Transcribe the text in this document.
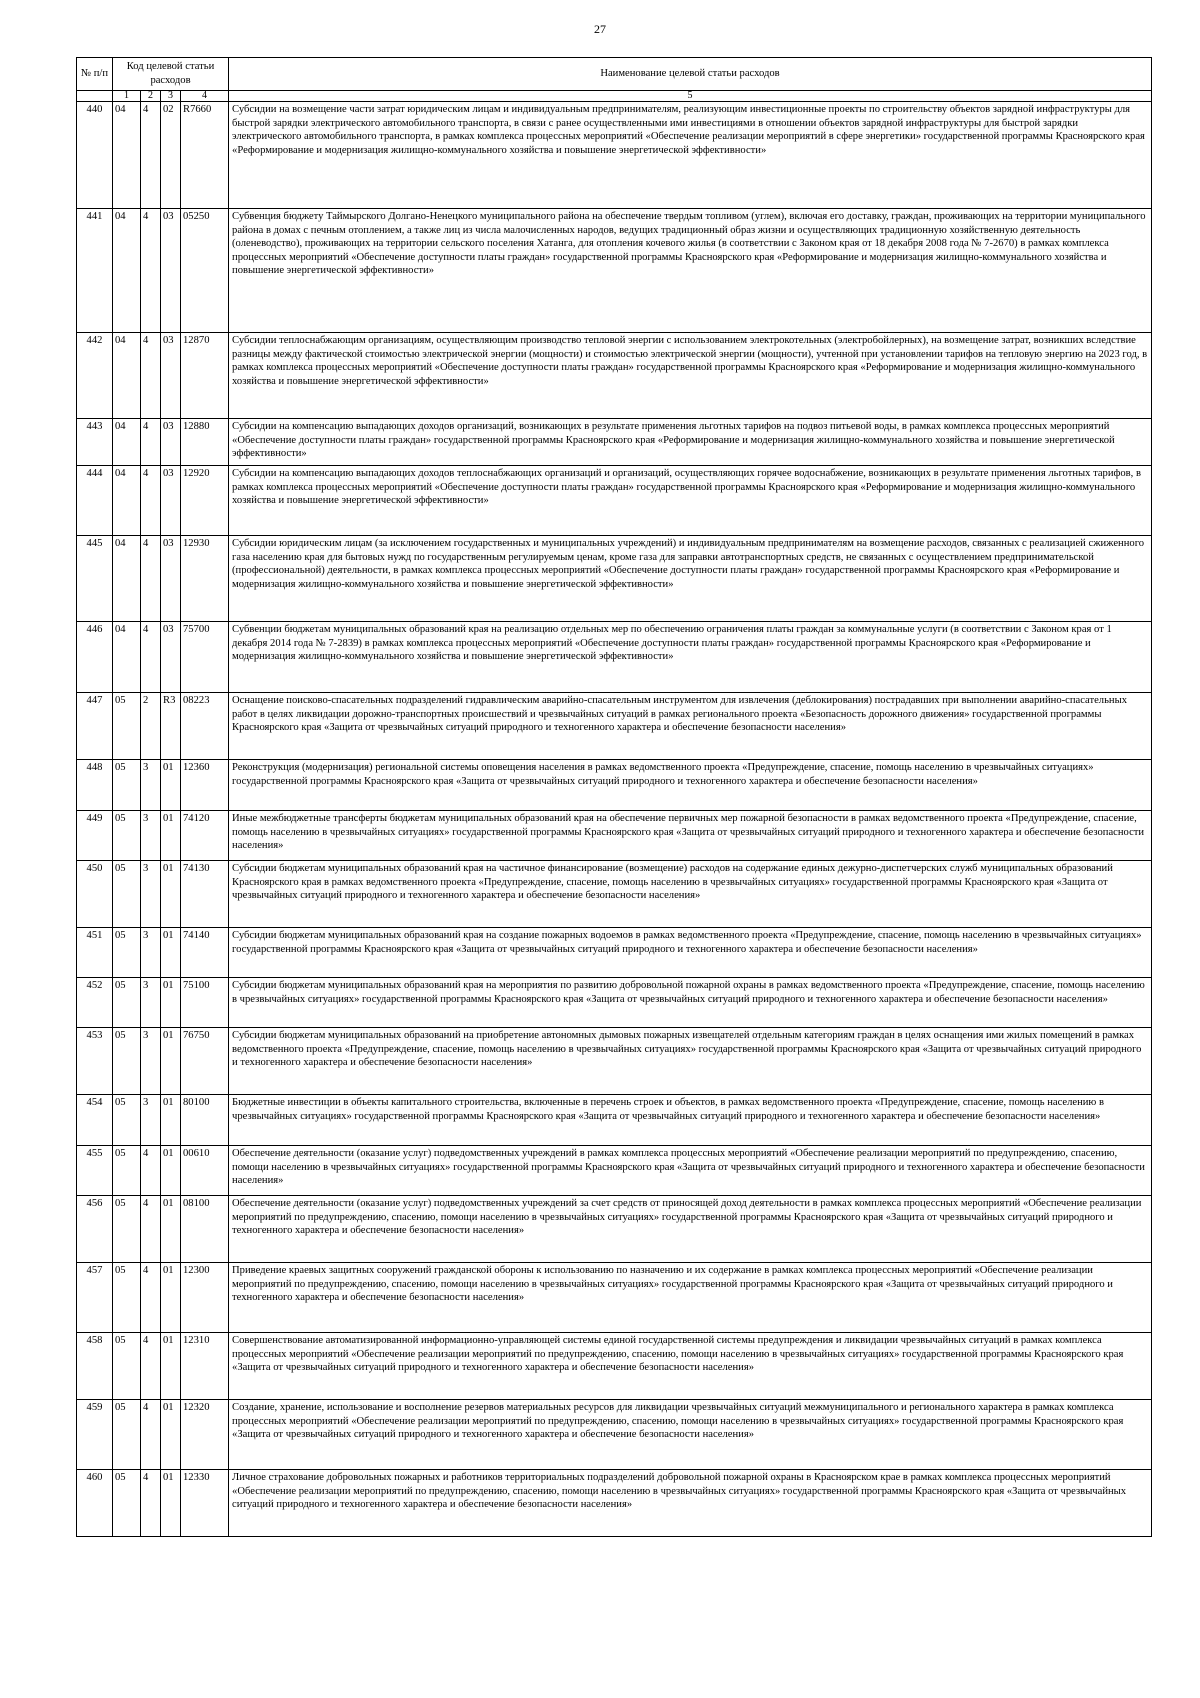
27
№ п/п	Код целевой статьи расходов				Наименование целевой статьи расходов
	1	2	3	4	5
440	04	4	02	R7660	Субсидии на возмещение части затрат юридическим лицам и индивидуальным предпринимателям, реализующим инвестиционные проекты по строительству объектов зарядной инфраструктуры для быстрой зарядки электрического автомобильного транспорта, в связи с ранее осуществленными ими инвестициями в отношении объектов зарядной инфраструктуры для быстрой зарядки электрического автомобильного транспорта, в рамках комплекса процессных мероприятий «Обеспечение реализации мероприятий в сфере энергетики» государственной программы Красноярского края «Реформирование и модернизация жилищно-коммунального хозяйства и повышение энергетической эффективности»
441	04	4	03	05250	Субвенция бюджету Таймырского Долгано-Ненецкого муниципального района на обеспечение твердым топливом (углем), включая его доставку, граждан, проживающих на территории муниципального района в домах с печным отоплением, а также лиц из числа малочисленных народов, ведущих традиционный образ жизни и осуществляющих традиционную хозяйственную деятельность (оленеводство), проживающих на территории сельского поселения Хатанга, для отопления кочевого жилья (в соответствии с Законом края от 18 декабря 2008 года № 7-2670) в рамках комплекса процессных мероприятий «Обеспечение доступности платы граждан» государственной программы Красноярского края «Реформирование и модернизация жилищно-коммунального хозяйства и повышение энергетической эффективности»
442	04	4	03	12870	Субсидии теплоснабжающим организациям, осуществляющим производство тепловой энергии с использованием электрокотельных (электробойлерных), на возмещение затрат, возникших вследствие разницы между фактической стоимостью электрической энергии (мощности) и стоимостью электрической энергии (мощности), учтенной при установлении тарифов на тепловую энергию на 2023 год, в рамках комплекса процессных мероприятий «Обеспечение доступности платы граждан» государственной программы Красноярского края «Реформирование и модернизация жилищно-коммунального хозяйства и повышение энергетической эффективности»
443	04	4	03	12880	Субсидии на компенсацию выпадающих доходов организаций, возникающих в результате применения льготных тарифов на подвоз питьевой воды, в рамках комплекса процессных мероприятий «Обеспечение доступности платы граждан» государственной программы Красноярского края «Реформирование и модернизация жилищно-коммунального хозяйства и повышение энергетической эффективности»
444	04	4	03	12920	Субсидии на компенсацию выпадающих доходов теплоснабжающих организаций и организаций, осуществляющих горячее водоснабжение, возникающих в результате применения льготных тарифов, в рамках комплекса процессных мероприятий «Обеспечение доступности платы граждан» государственной программы Красноярского края «Реформирование и модернизация жилищно-коммунального хозяйства и повышение энергетической эффективности»
445	04	4	03	12930	Субсидии юридическим лицам (за исключением государственных и муниципальных учреждений) и индивидуальным предпринимателям на возмещение расходов, связанных с реализацией сжиженного газа населению края для бытовых нужд по государственным регулируемым ценам, кроме газа для заправки автотранспортных средств, не связанных с осуществлением предпринимательской (профессиональной) деятельности, в рамках комплекса процессных мероприятий «Обеспечение доступности платы граждан» государственной программы Красноярского края «Реформирование и модернизация жилищно-коммунального хозяйства и повышение энергетической эффективности»
446	04	4	03	75700	Субвенции бюджетам муниципальных образований края на реализацию отдельных мер по обеспечению ограничения платы граждан за коммунальные услуги (в соответствии с Законом края от 1 декабря 2014 года № 7-2839) в рамках комплекса процессных мероприятий «Обеспечение доступности платы граждан» государственной программы Красноярского края «Реформирование и модернизация жилищно-коммунального хозяйства и повышение энергетической эффективности»
447	05	2	R3	08223	Оснащение поисково-спасательных подразделений гидравлическим аварийно-спасательным инструментом для извлечения (деблокирования) пострадавших при выполнении аварийно-спасательных работ в целях ликвидации дорожно-транспортных происшествий и чрезвычайных ситуаций в рамках регионального проекта «Безопасность дорожного движения» государственной программы Красноярского края «Защита от чрезвычайных ситуаций природного и техногенного характера и обеспечение безопасности населения»
448	05	3	01	12360	Реконструкция (модернизация) региональной системы оповещения населения в рамках ведомственного проекта «Предупреждение, спасение, помощь населению в чрезвычайных ситуациях» государственной программы Красноярского края «Защита от чрезвычайных ситуаций природного и техногенного характера и обеспечение безопасности населения»
449	05	3	01	74120	Иные межбюджетные трансферты бюджетам муниципальных образований края на обеспечение первичных мер пожарной безопасности в рамках ведомственного проекта «Предупреждение, спасение, помощь населению в чрезвычайных ситуациях» государственной программы Красноярского края «Защита от чрезвычайных ситуаций природного и техногенного характера и обеспечение безопасности населения»
450	05	3	01	74130	Субсидии бюджетам муниципальных образований края на частичное финансирование (возмещение) расходов на содержание единых дежурно-диспетчерских служб муниципальных образований Красноярского края в рамках ведомственного проекта «Предупреждение, спасение, помощь населению в чрезвычайных ситуациях» государственной программы Красноярского края «Защита от чрезвычайных ситуаций природного и техногенного характера и обеспечение безопасности населения»
451	05	3	01	74140	Субсидии бюджетам муниципальных образований края на создание пожарных водоемов в рамках ведомственного проекта «Предупреждение, спасение, помощь населению в чрезвычайных ситуациях» государственной программы Красноярского края «Защита от чрезвычайных ситуаций природного и техногенного характера и обеспечение безопасности населения»
452	05	3	01	75100	Субсидии бюджетам муниципальных образований края на мероприятия по развитию добровольной пожарной охраны в рамках ведомственного проекта «Предупреждение, спасение, помощь населению в чрезвычайных ситуациях» государственной программы Красноярского края «Защита от чрезвычайных ситуаций природного и техногенного характера и обеспечение безопасности населения»
453	05	3	01	76750	Субсидии бюджетам муниципальных образований на приобретение автономных дымовых пожарных извещателей отдельным категориям граждан в целях оснащения ими жилых помещений в рамках ведомственного проекта «Предупреждение, спасение, помощь населению в чрезвычайных ситуациях» государственной программы Красноярского края «Защита от чрезвычайных ситуаций природного и техногенного характера и обеспечение безопасности населения»
454	05	3	01	80100	Бюджетные инвестиции в объекты капитального строительства, включенные в перечень строек и объектов, в рамках ведомственного проекта «Предупреждение, спасение, помощь населению в чрезвычайных ситуациях» государственной программы Красноярского края «Защита от чрезвычайных ситуаций природного и техногенного характера и обеспечение безопасности населения»
455	05	4	01	00610	Обеспечение деятельности (оказание услуг) подведомственных учреждений в рамках комплекса процессных мероприятий «Обеспечение реализации мероприятий по предупреждению, спасению, помощи населению в чрезвычайных ситуациях» государственной программы Красноярского края «Защита от чрезвычайных ситуаций природного и техногенного характера и обеспечение безопасности населения»
456	05	4	01	08100	Обеспечение деятельности (оказание услуг) подведомственных учреждений за счет средств от приносящей доход деятельности в рамках комплекса процессных мероприятий «Обеспечение реализации мероприятий по предупреждению, спасению, помощи населению в чрезвычайных ситуациях» государственной программы Красноярского края «Защита от чрезвычайных ситуаций природного и техногенного характера и обеспечение безопасности населения»
457	05	4	01	12300	Приведение краевых защитных сооружений гражданской обороны к использованию по назначению и их содержание в рамках комплекса процессных мероприятий «Обеспечение реализации мероприятий по предупреждению, спасению, помощи населению в чрезвычайных ситуациях» государственной программы Красноярского края «Защита от чрезвычайных ситуаций природного и техногенного характера и обеспечение безопасности населения»
458	05	4	01	12310	Совершенствование автоматизированной информационно-управляющей системы единой государственной системы предупреждения и ликвидации чрезвычайных ситуаций в рамках комплекса процессных мероприятий «Обеспечение реализации мероприятий по предупреждению, спасению, помощи населению в чрезвычайных ситуациях» государственной программы Красноярского края «Защита от чрезвычайных ситуаций природного и техногенного характера и обеспечение безопасности населения»
459	05	4	01	12320	Создание, хранение, использование и восполнение резервов материальных ресурсов для ликвидации чрезвычайных ситуаций межмуниципального и регионального характера в рамках комплекса процессных мероприятий «Обеспечение реализации мероприятий по предупреждению, спасению, помощи населению в чрезвычайных ситуациях» государственной программы Красноярского края «Защита от чрезвычайных ситуаций природного и техногенного характера и обеспечение безопасности населения»
460	05	4	01	12330	Личное страхование добровольных пожарных и работников территориальных подразделений добровольной пожарной охраны в Красноярском крае в рамках комплекса процессных мероприятий «Обеспечение реализации мероприятий по предупреждению, спасению, помощи населению в чрезвычайных ситуациях» государственной программы Красноярского края «Защита от чрезвычайных ситуаций природного и техногенного характера и обеспечение безопасности населения»
